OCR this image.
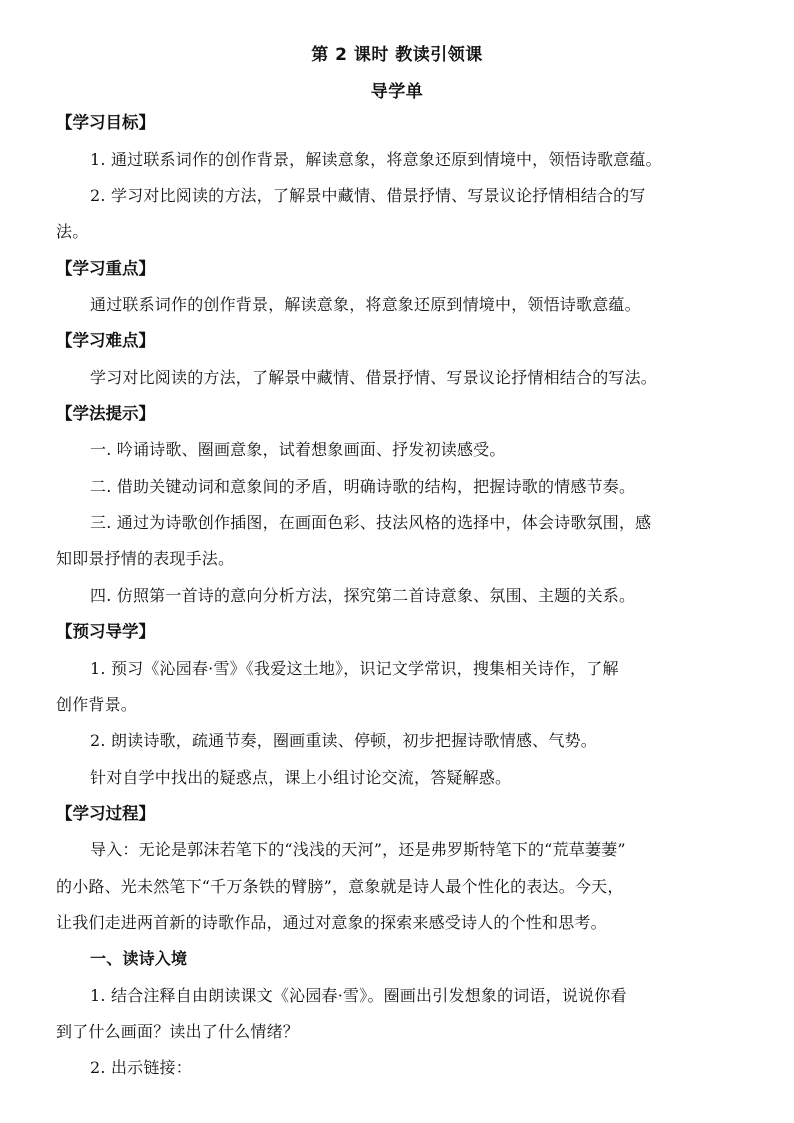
第 2 课时 教读引领课
导学单
【学习目标】
1. 通过联系词作的创作背景，解读意象，将意象还原到情境中，领悟诗歌意蕴。
2. 学习对比阅读的方法，了解景中藏情、借景抒情、写景议论抒情相结合的写
法。
【学习重点】
通过联系词作的创作背景，解读意象，将意象还原到情境中，领悟诗歌意蕴。
【学习难点】
学习对比阅读的方法，了解景中藏情、借景抒情、写景议论抒情相结合的写法。
【学法提示】
一. 吟诵诗歌、圈画意象，试着想象画面、抒发初读感受。
二. 借助关键动词和意象间的矛盾，明确诗歌的结构，把握诗歌的情感节奏。
三. 通过为诗歌创作插图，在画面色彩、技法风格的选择中，体会诗歌氛围，感
知即景抒情的表现手法。
四. 仿照第一首诗的意向分析方法，探究第二首诗意象、氛围、主题的关系。
【预习导学】
1. 预习《沁园春·雪》《我爱这土地》，识记文学常识，搜集相关诗作，了解
创作背景。
2. 朗读诗歌，疏通节奏，圈画重读、停顿，初步把握诗歌情感、气势。
针对自学中找出的疑惑点，课上小组讨论交流，答疑解惑。
【学习过程】
导入：无论是郭沫若笔下的“浅浅的天河”，还是弗罗斯特笔下的“荒草萋萋”
的小路、光未然笔下“千万条铁的臂膀”，意象就是诗人最个性化的表达。今天，
让我们走进两首新的诗歌作品，通过对意象的探索来感受诗人的个性和思考。
一、读诗入境
1. 结合注释自由朗读课文《沁园春·雪》。圈画出引发想象的词语，说说你看
到了什么画面？读出了什么情绪？
2. 出示链接：
